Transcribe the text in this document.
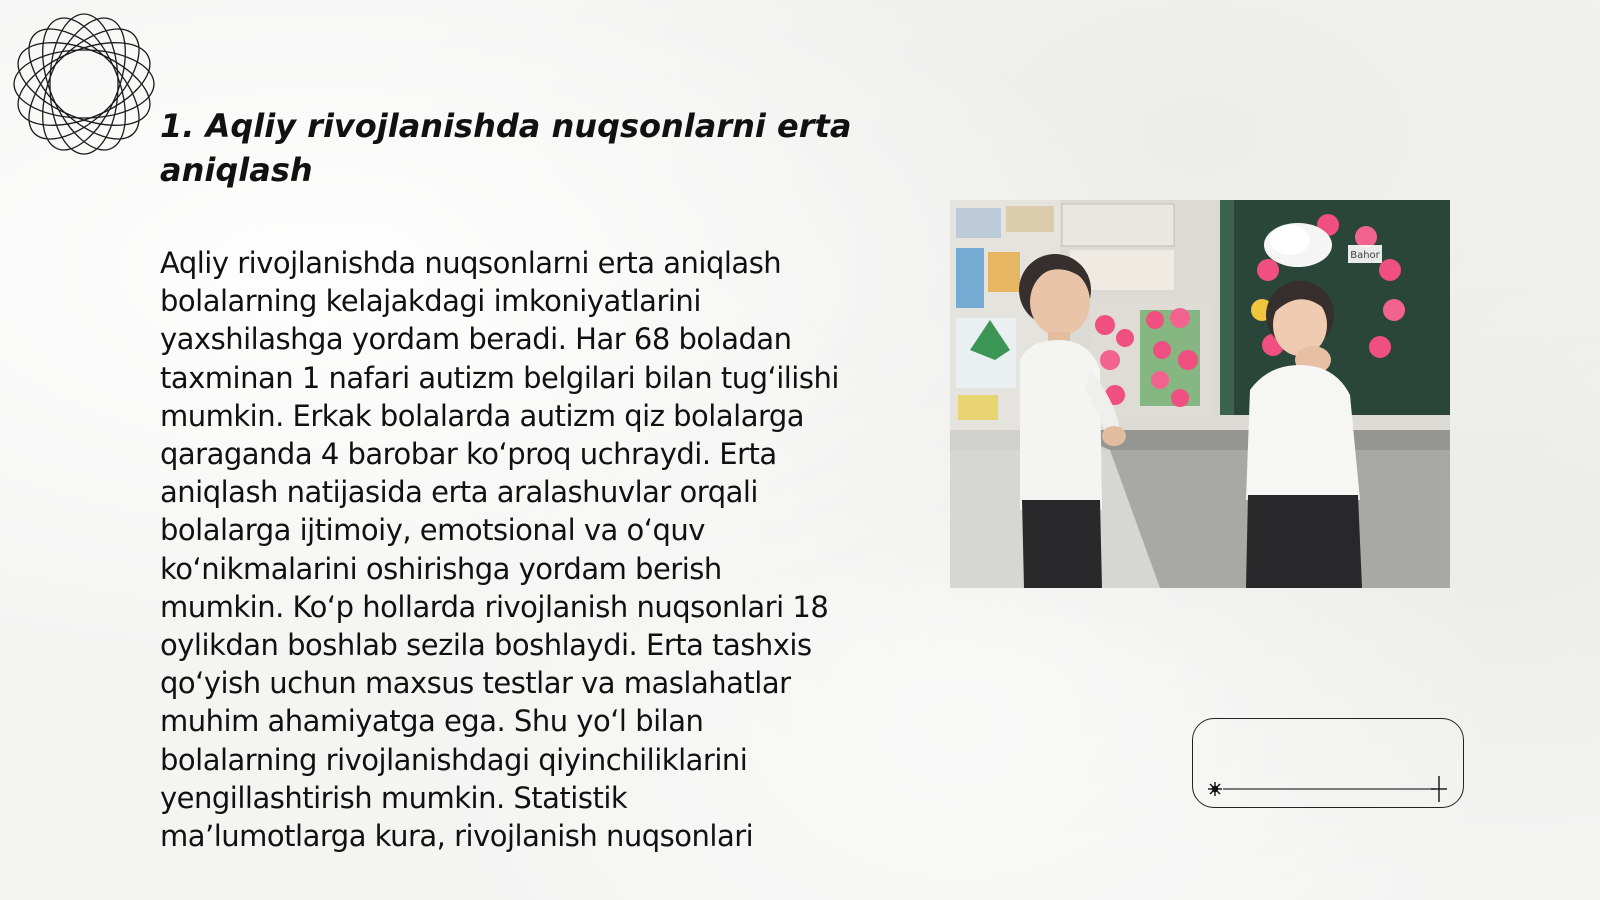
1. Aqliy rivojlanishda nuqsonlarni erta aniqlash

Aqliy rivojlanishda nuqsonlarni erta aniqlash bolalarning kelajakdagi imkoniyatlarini yaxshilashga yordam beradi. Har 68 boladan taxminan 1 nafari autizm belgilari bilan tug‘ilishi mumkin. Erkak bolalarda autizm qiz bolalarga qaraganda 4 barobar ko‘proq uchraydi. Erta aniqlash natijasida erta aralashuvlar orqali bolalarga ijtimoiy, emotsional va o‘quv ko‘nikmalarini oshirishga yordam berish mumkin. Ko‘p hollarda rivojlanish nuqsonlari 18 oylikdan boshlab sezila boshlaydi. Erta tashxis qo‘yish uchun maxsus testlar va maslahatlar muhim ahamiyatga ega. Shu yo‘l bilan bolalarning rivojlanishdagi qiyinchiliklarini yengillashtirish mumkin. Statistik ma’lumotlarga kura, rivojlanish nuqsonlari

Bahor
